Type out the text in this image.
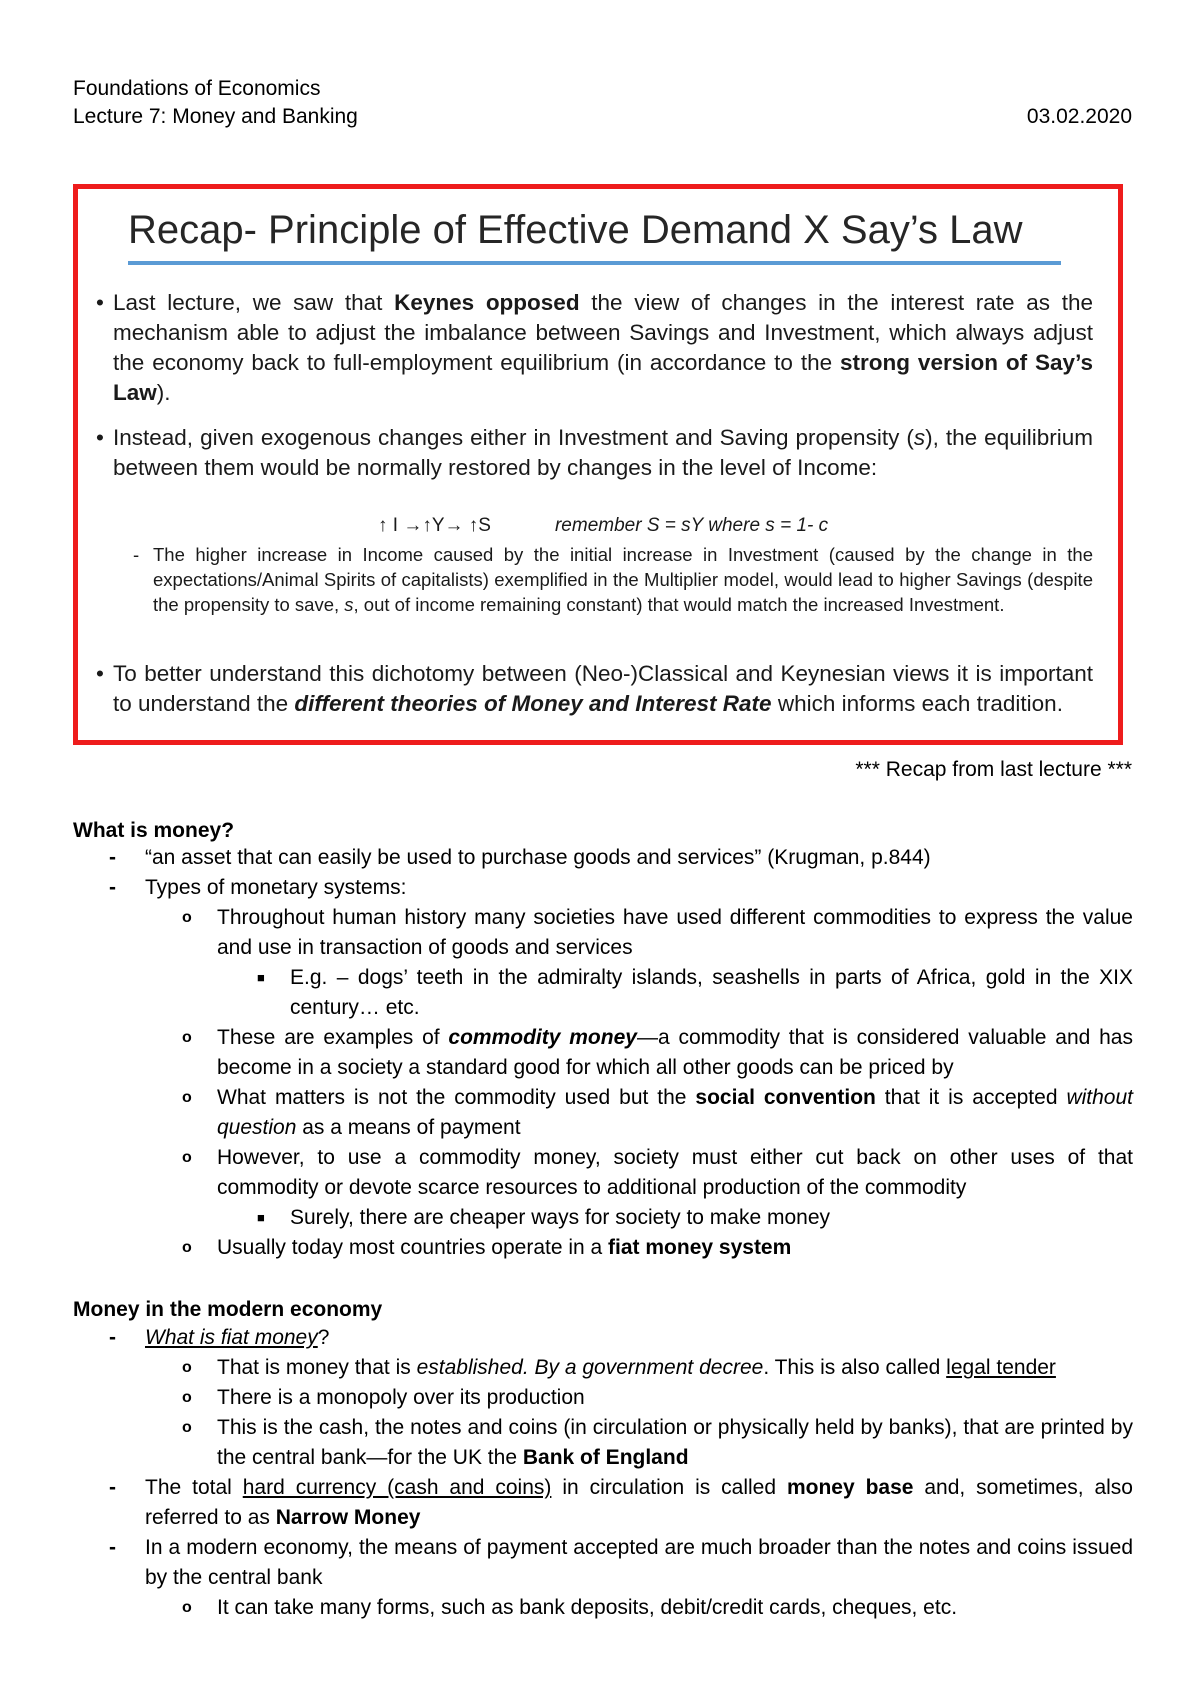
Foundations of Economics
Lecture 7: Money and Banking	03.02.2020
Recap- Principle of Effective Demand X Say’s Law
• Last lecture, we saw that Keynes opposed the view of changes in the interest rate as the mechanism able to adjust the imbalance between Savings and Investment, which always adjust the economy back to full-employment equilibrium (in accordance to the strong version of Say’s Law).
• Instead, given exogenous changes either in Investment and Saving propensity (s), the equilibrium between them would be normally restored by changes in the level of Income:
↑ I →↑Y→ ↑S	remember S = sY where s = 1- c
- The higher increase in Income caused by the initial increase in Investment (caused by the change in the expectations/Animal Spirits of capitalists) exemplified in the Multiplier model, would lead to higher Savings (despite the propensity to save, s, out of income remaining constant) that would match the increased Investment.
• To better understand this dichotomy between (Neo-)Classical and Keynesian views it is important to understand the different theories of Money and Interest Rate which informs each tradition.
*** Recap from last lecture ***
What is money?
- “an asset that can easily be used to purchase goods and services” (Krugman, p.844)
- Types of monetary systems:
o Throughout human history many societies have used different commodities to express the value and use in transaction of goods and services
■ E.g. – dogs’ teeth in the admiralty islands, seashells in parts of Africa, gold in the XIX century… etc.
o These are examples of commodity money—a commodity that is considered valuable and has become in a society a standard good for which all other goods can be priced by
o What matters is not the commodity used but the social convention that it is accepted without question as a means of payment
o However, to use a commodity money, society must either cut back on other uses of that commodity or devote scarce resources to additional production of the commodity
■ Surely, there are cheaper ways for society to make money
o Usually today most countries operate in a fiat money system
Money in the modern economy
- What is fiat money?
o That is money that is established. By a government decree. This is also called legal tender
o There is a monopoly over its production
o This is the cash, the notes and coins (in circulation or physically held by banks), that are printed by the central bank—for the UK the Bank of England
- The total hard currency (cash and coins) in circulation is called money base and, sometimes, also referred to as Narrow Money
- In a modern economy, the means of payment accepted are much broader than the notes and coins issued by the central bank
o It can take many forms, such as bank deposits, debit/credit cards, cheques, etc.
